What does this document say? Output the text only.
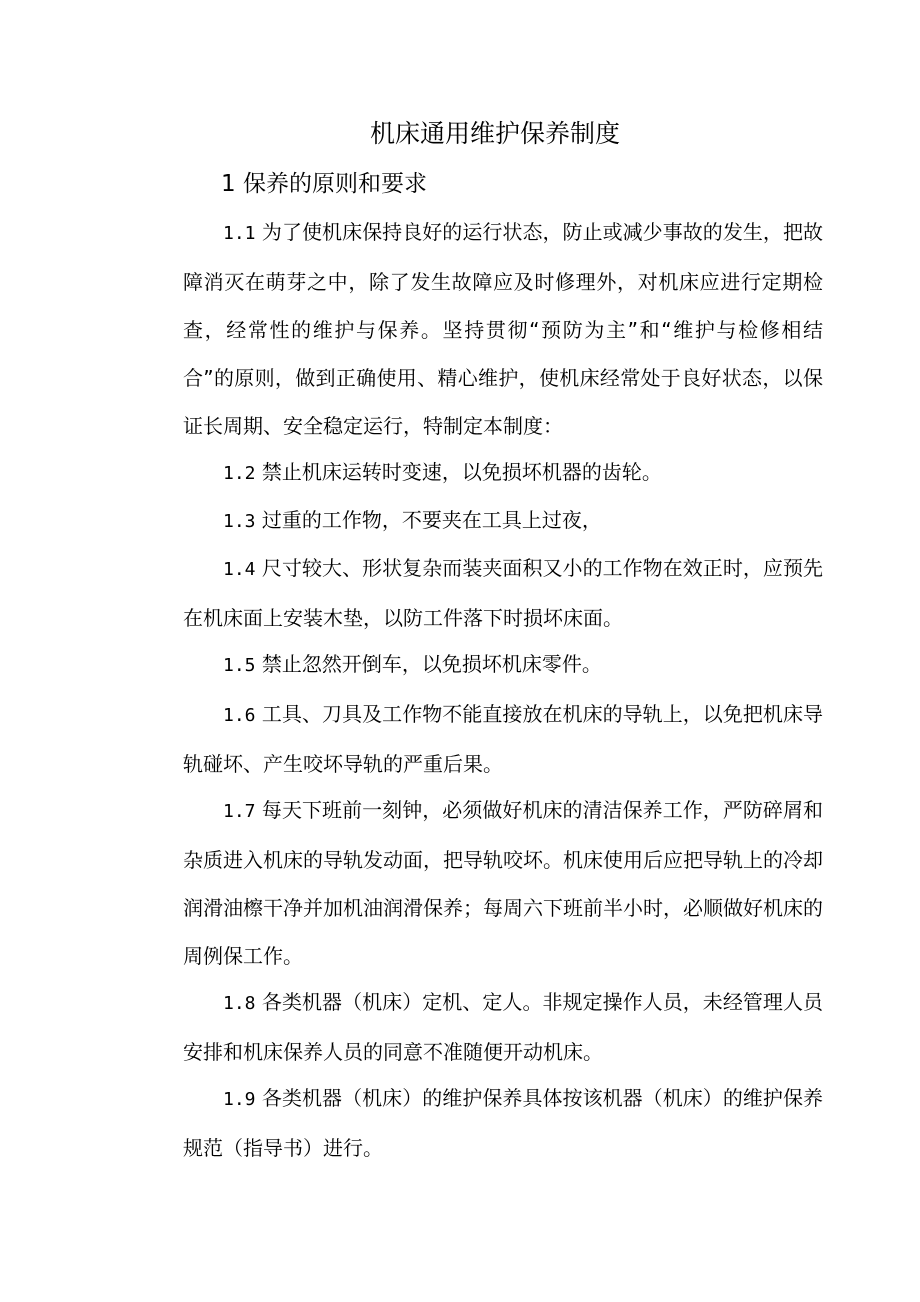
机床通用维护保养制度
1 保养的原则和要求

1.1 为了使机床保持良好的运行状态，防止或减少事故的发生，把故障消灭在萌芽之中，除了发生故障应及时修理外，对机床应进行定期检查，经常性的维护与保养。坚持贯彻“预防为主”和“维护与检修相结合”的原则，做到正确使用、精心维护，使机床经常处于良好状态，以保证长周期、安全稳定运行，特制定本制度：

1.2 禁止机床运转时变速，以免损坏机器的齿轮。

1.3 过重的工作物，不要夹在工具上过夜，

1.4 尺寸较大、形状复杂而装夹面积又小的工作物在效正时，应预先在机床面上安装木垫，以防工件落下时损坏床面。

1.5 禁止忽然开倒车，以免损坏机床零件。

1.6 工具、刀具及工作物不能直接放在机床的导轨上，以免把机床导轨碰坏、产生咬坏导轨的严重后果。

1.7 每天下班前一刻钟，必须做好机床的清洁保养工作，严防碎屑和杂质进入机床的导轨发动面，把导轨咬坏。机床使用后应把导轨上的冷却润滑油檫干净并加机油润滑保养；每周六下班前半小时，必顺做好机床的周例保工作。

1.8 各类机器（机床）定机、定人。非规定操作人员，未经管理人员安排和机床保养人员的同意不准随便开动机床。

1.9 各类机器（机床）的维护保养具体按该机器（机床）的维护保养规范（指导书）进行。
